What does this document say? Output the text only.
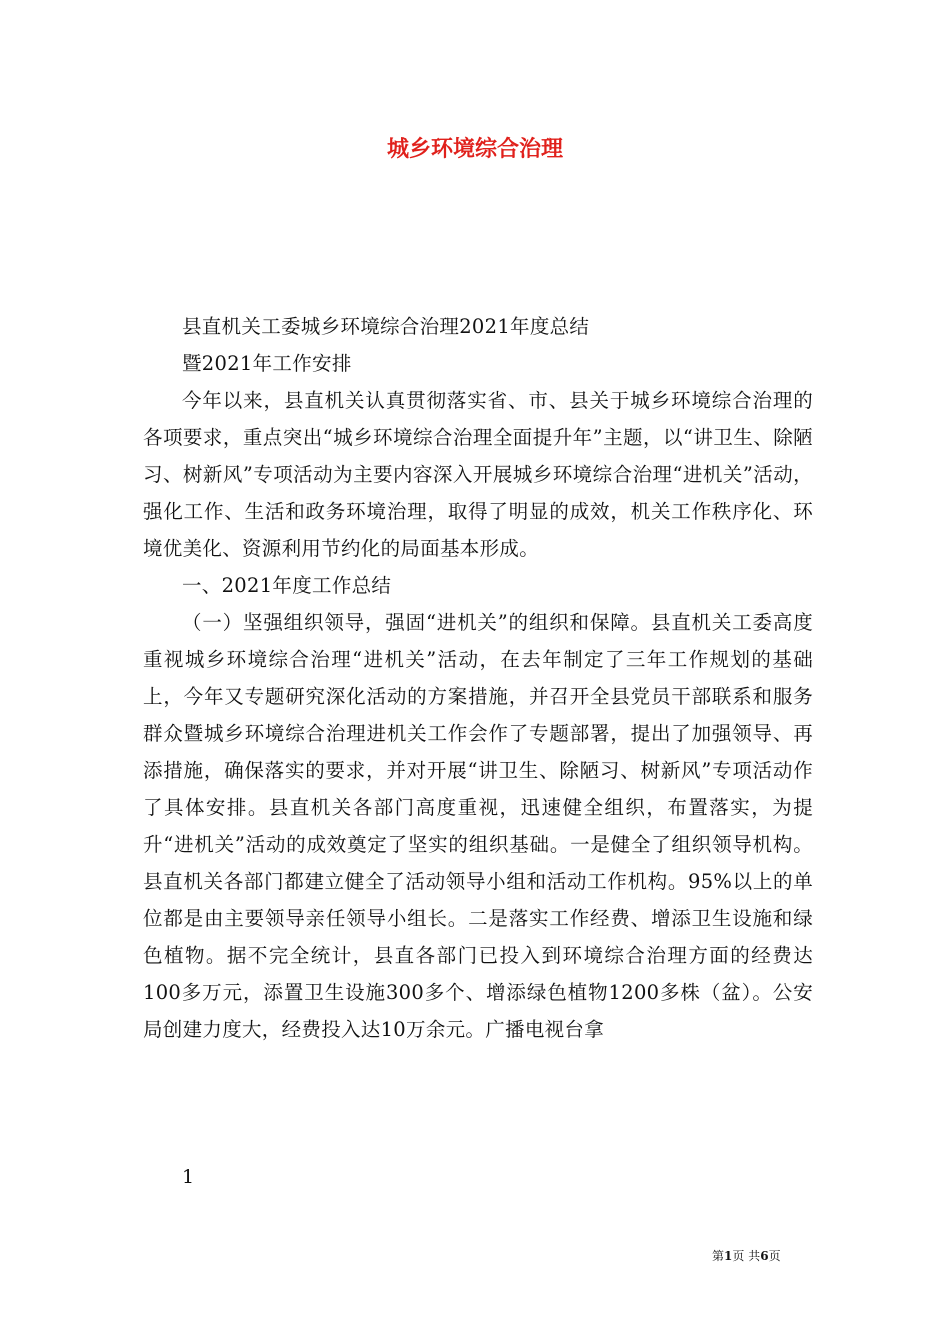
城乡环境综合治理

县直机关工委城乡环境综合治理2021年度总结

暨2021年工作安排

今年以来，县直机关认真贯彻落实省、市、县关于城乡环境综合治理的各项要求，重点突出“城乡环境综合治理全面提升年”主题，以“讲卫生、除陋习、树新风”专项活动为主要内容深入开展城乡环境综合治理“进机关”活动，强化工作、生活和政务环境治理，取得了明显的成效，机关工作秩序化、环境优美化、资源利用节约化的局面基本形成。

一、2021年度工作总结

（一）坚强组织领导，强固“进机关”的组织和保障。县直机关工委高度重视城乡环境综合治理“进机关”活动，在去年制定了三年工作规划的基础上，今年又专题研究深化活动的方案措施，并召开全县党员干部联系和服务群众暨城乡环境综合治理进机关工作会作了专题部署，提出了加强领导、再添措施，确保落实的要求，并对开展“讲卫生、除陋习、树新风”专项活动作了具体安排。县直机关各部门高度重视，迅速健全组织，布置落实，为提升“进机关”活动的成效奠定了坚实的组织基础。一是健全了组织领导机构。县直机关各部门都建立健全了活动领导小组和活动工作机构。95%以上的单位都是由主要领导亲任领导小组长。二是落实工作经费、增添卫生设施和绿色植物。据不完全统计，县直各部门已投入到环境综合治理方面的经费达100多万元，添置卫生设施300多个、增添绿色植物1200多株（盆）。公安局创建力度大，经费投入达10万余元。广播电视台拿

1
第1页 共6页
